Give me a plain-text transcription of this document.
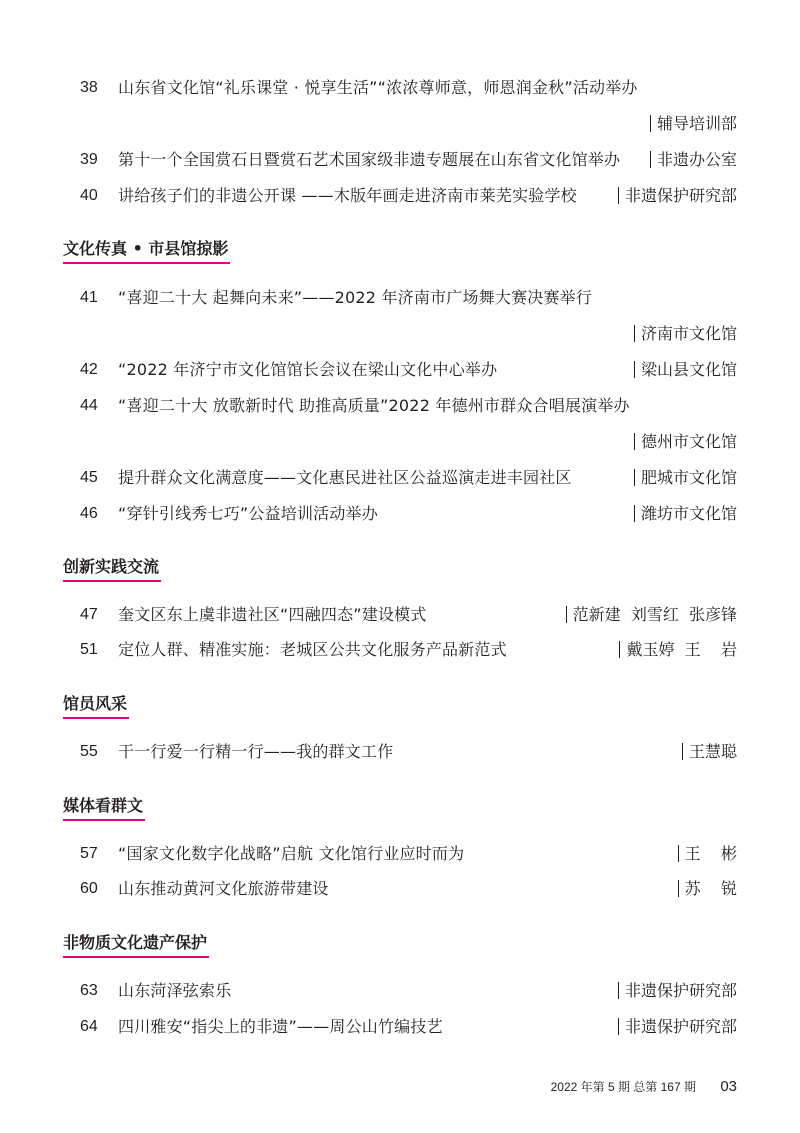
38	山东省文化馆“礼乐课堂 · 悦享生活”“浓浓尊师意，师恩润金秋”活动举办
辅导培训部
39	第十一个全国赏石日暨赏石艺术国家级非遗专题展在山东省文化馆举办	非遗办公室
40	讲给孩子们的非遗公开课 ——木版年画走进济南市莱芜实验学校	非遗保护研究部
文化传真 • 市县馆掠影
41	“喜迎二十大 起舞向未来”——2022 年济南市广场舞大赛决赛举行
济南市文化馆
42	“2022 年济宁市文化馆馆长会议在梁山文化中心举办	梁山县文化馆
44	“喜迎二十大 放歌新时代 助推高质量”2022 年德州市群众合唱展演举办
德州市文化馆
45	提升群众文化满意度——文化惠民进社区公益巡演走进丰园社区	肥城市文化馆
46	“穿针引线秀七巧”公益培训活动举办	潍坊市文化馆
创新实践交流
47	奎文区东上虞非遗社区“四融四态”建设模式	范新建  刘雪红  张彦锋
51	定位人群、精准实施：老城区公共文化服务产品新范式	戴玉婷  王    岩
馆员风采
55	干一行爱一行精一行——我的群文工作	王慧聪
媒体看群文
57	“国家文化数字化战略”启航 文化馆行业应时而为	王    彬
60	山东推动黄河文化旅游带建设	苏    锐
非物质文化遗产保护
63	山东菏泽弦索乐	非遗保护研究部
64	四川雅安“指尖上的非遗”——周公山竹编技艺	非遗保护研究部
2022 年第 5 期 总第 167 期 03
